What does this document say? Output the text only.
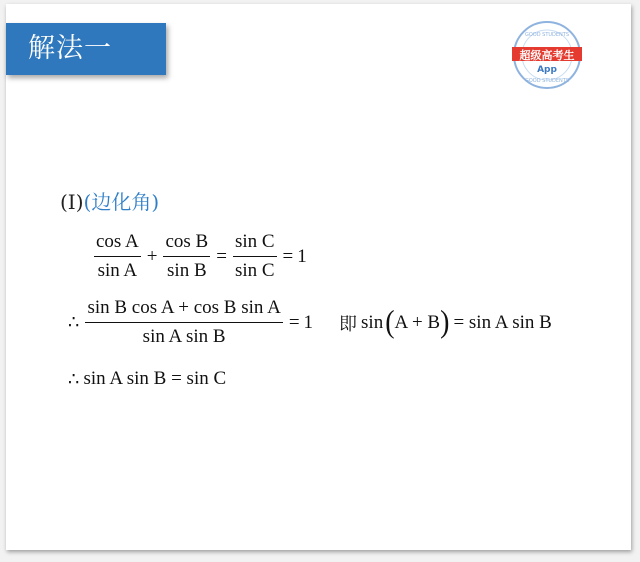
解法一	超级高考生
App
GOOD STUDENTS
GOOD STUDENTS
(Ⅰ)(边化角)
$\frac{\text{cos A}}{\text{sin A}} + \frac{\text{cos B}}{\text{sin B}} = \frac{\text{sin C}}{\text{sin C}} = 1$
∴ $\frac{\text{sin B cos A + cos B sin A}}{\text{sin A sin B}} = 1$ 即 sin ( A + B ) = sin A sin B
∴ sin A sin B = sin C
